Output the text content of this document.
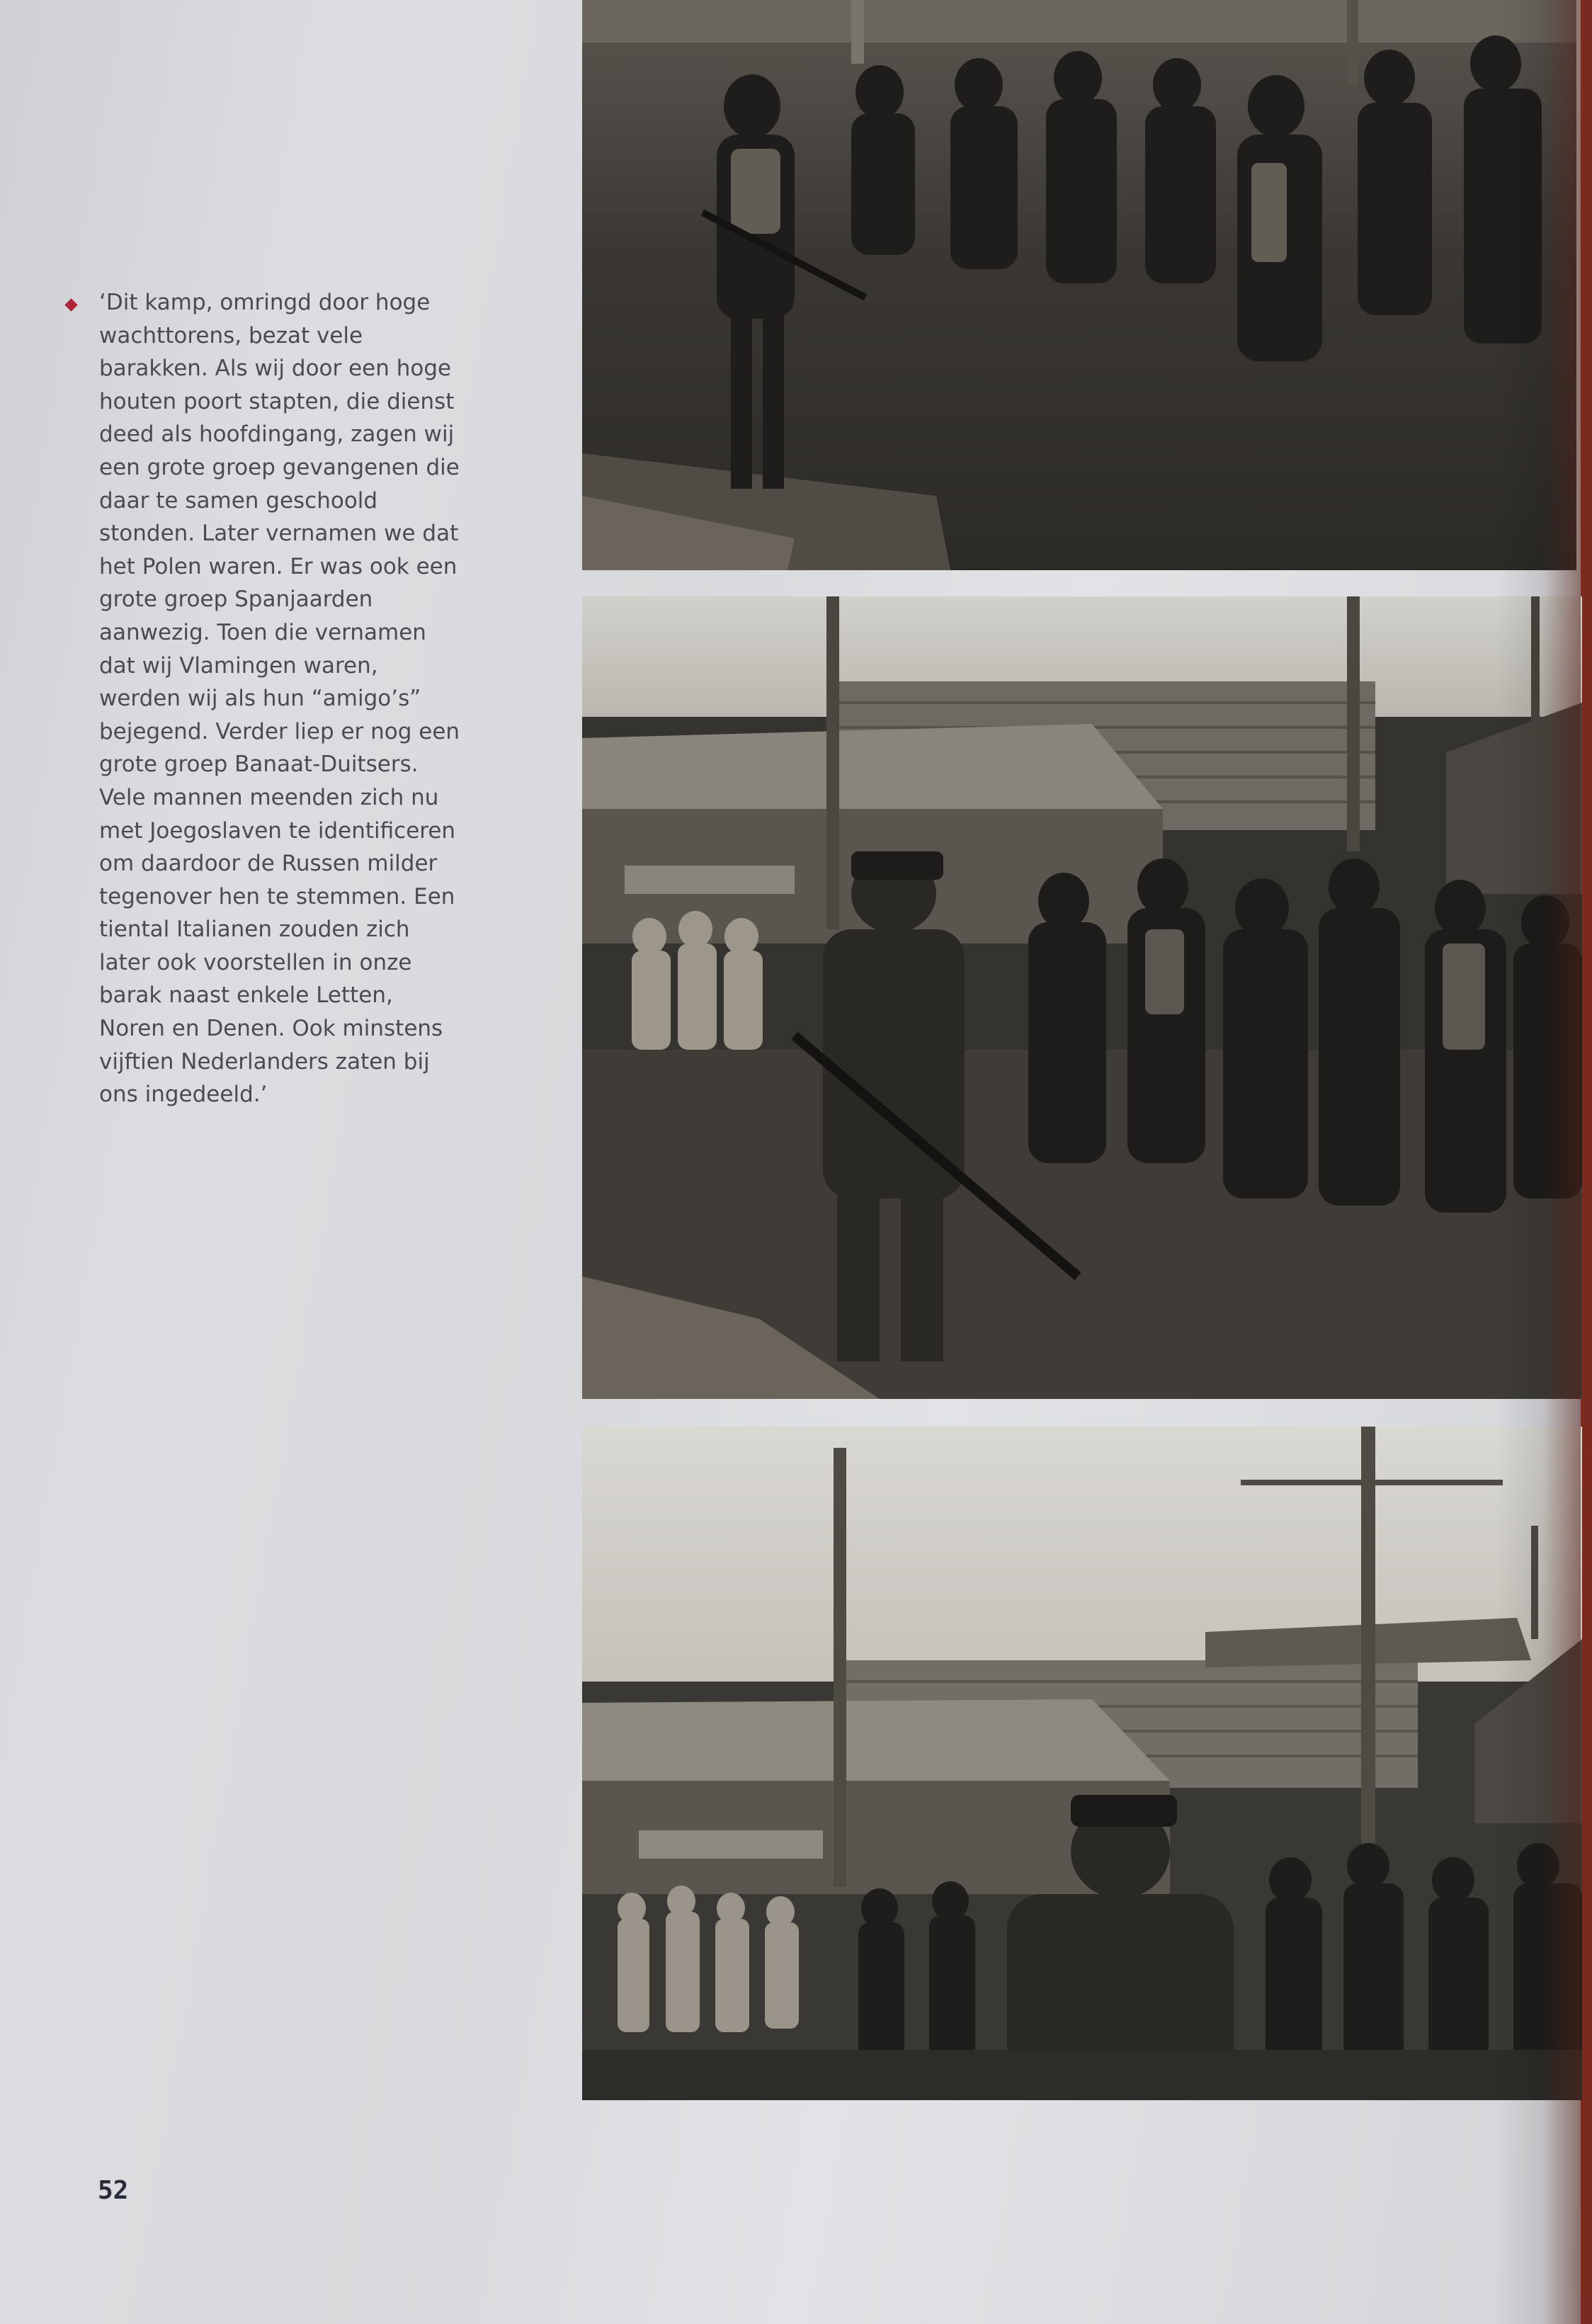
‘Dit kamp, omringd door hoge
wachttorens, bezat vele
barakken. Als wij door een hoge
houten poort stapten, die dienst
deed als hoofdingang, zagen wij
een grote groep gevangenen die
daar te samen geschoold
stonden. Later vernamen we dat
het Polen waren. Er was ook een
grote groep Spanjaarden
aanwezig. Toen die vernamen
dat wij Vlamingen waren,
werden wij als hun “amigo’s”
bejegend. Verder liep er nog een
grote groep Banaat-Duitsers.
Vele mannen meenden zich nu
met Joegoslaven te identificeren
om daardoor de Russen milder
tegenover hen te stemmen. Een
tiental Italianen zouden zich
later ook voorstellen in onze
barak naast enkele Letten,
Noren en Denen. Ook minstens
vijftien Nederlanders zaten bij
ons ingedeeld.’

52
